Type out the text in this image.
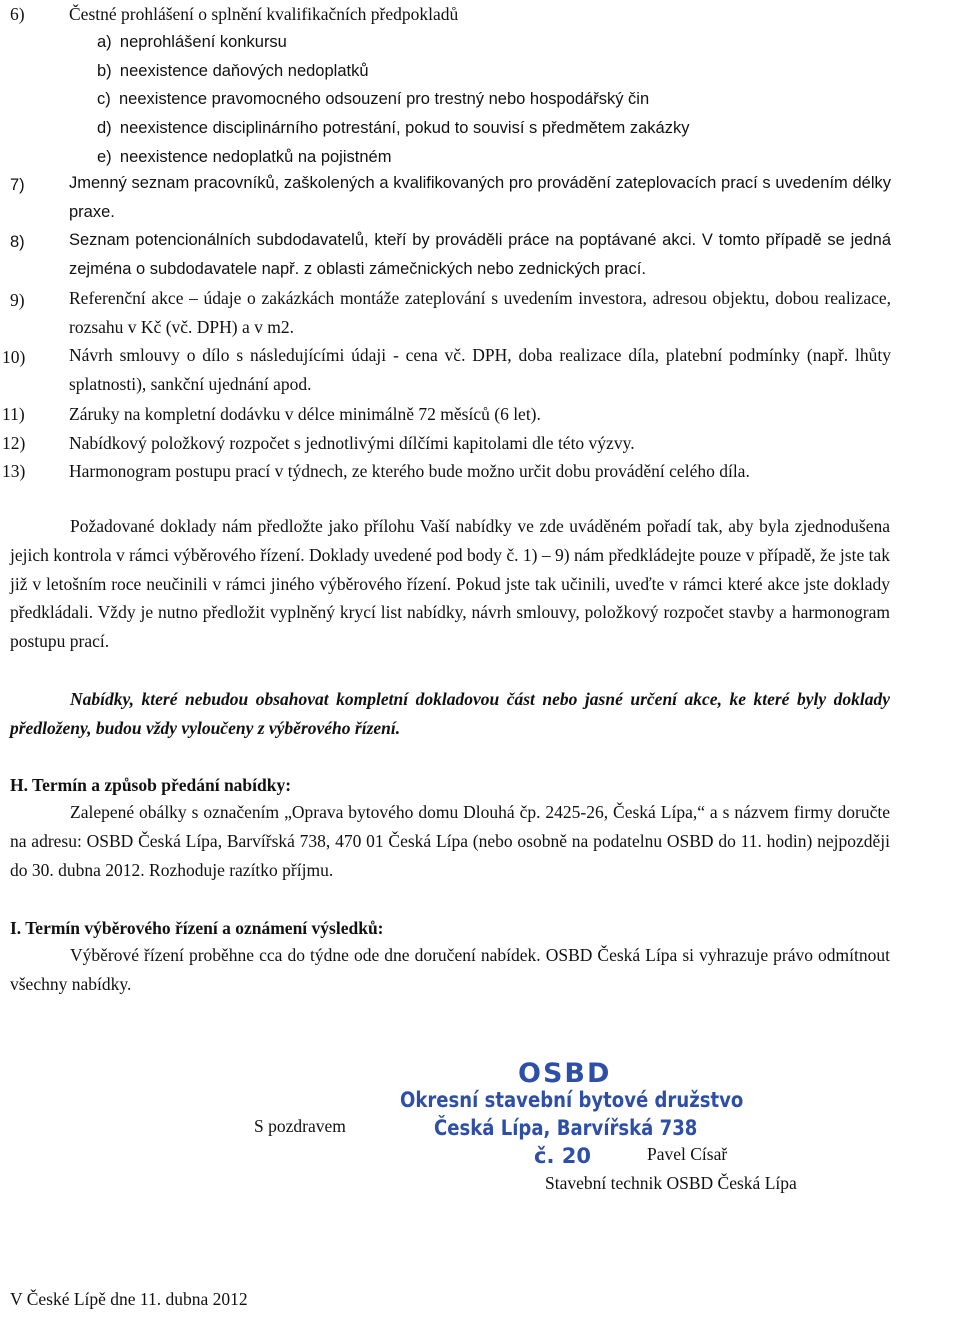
6)	Čestné prohlášení o splnění kvalifikačních předpokladů
a) neprohlášení konkursu
b) neexistence daňových nedoplatků
c) neexistence pravomocného odsouzení pro trestný nebo hospodářský čin
d) neexistence disciplinárního potrestání, pokud to souvisí s předmětem zakázky
e) neexistence nedoplatků na pojistném
7)	Jmenný seznam pracovníků, zaškolených a kvalifikovaných pro provádění zateplovacích prací s uvedením délky praxe.
8)	Seznam potencionálních subdodavatelů, kteří by prováděli práce na poptávané akci. V tomto případě se jedná zejména o subdodavatele např. z oblasti zámečnických nebo zednických prací.
9)	Referenční akce – údaje o zakázkách montáže zateplování s uvedením investora, adresou objektu, dobou realizace, rozsahu v Kč (vč. DPH) a v m2.
10) Návrh smlouvy o dílo s následujícími údaji - cena vč. DPH, doba realizace díla, platební podmínky (např. lhůty splatnosti), sankční ujednání apod.
11)	Záruky na kompletní dodávku v délce minimálně 72 měsíců (6 let).
12) Nabídkový položkový rozpočet s jednotlivými dílčími kapitolami dle této výzvy.
13) Harmonogram postupu prací v týdnech, ze kterého bude možno určit dobu provádění celého díla.
Požadované doklady nám předložte jako přílohu Vaší nabídky ve zde uváděném pořadí tak, aby byla zjednodušena jejich kontrola v rámci výběrového řízení. Doklady uvedené pod body č. 1) – 9) nám předkládejte pouze v případě, že jste tak již v letošním roce neučinili v rámci jiného výběrového řízení. Pokud jste tak učinili, uveďte v rámci které akce jste doklady předkládali. Vždy je nutno předložit vyplněný krycí list nabídky, návrh smlouvy, položkový rozpočet stavby a harmonogram postupu prací.
Nabídky, které nebudou obsahovat kompletní dokladovou část nebo jasné určení akce, ke které byly doklady předloženy, budou vždy vyloučeny z výběrového řízení.
H. Termín a způsob předání nabídky:
Zalepené obálky s označením „Oprava bytového domu Dlouhá čp. 2425-26, Česká Lípa,“ a s názvem firmy doručte na adresu: OSBD Česká Lípa, Barvířská 738, 470 01 Česká Lípa (nebo osobně na podatelnu OSBD do 11. hodin) nejpozději do 30. dubna 2012. Rozhoduje razítko příjmu.
I. Termín výběrového řízení a oznámení výsledků:
Výběrové řízení proběhne cca do týdne ode dne doručení nabídek. OSBD Česká Lípa si vyhrazuje právo odmítnout všechny nabídky.
OSBD
Okresní stavební bytové družstvo
Česká Lípa, Barvířská 738
č. 20
S pozdravem
Pavel Císař
Stavební technik OSBD Česká Lípa
V České Lípě dne 11. dubna 2012
